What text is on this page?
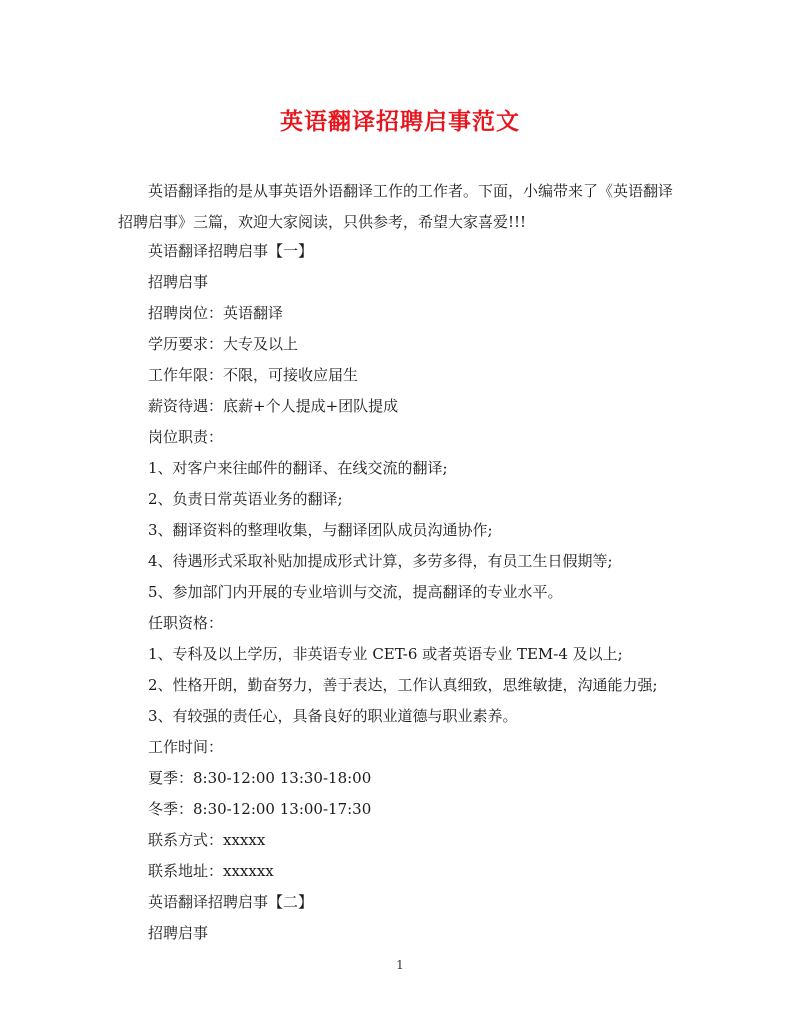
英语翻译招聘启事范文

英语翻译指的是从事英语外语翻译工作的工作者。下面，小编带来了《英语翻译招聘启事》三篇，欢迎大家阅读，只供参考，希望大家喜爱!!!

英语翻译招聘启事【一】
招聘启事
招聘岗位：英语翻译
学历要求：大专及以上
工作年限：不限，可接收应届生
薪资待遇：底薪+个人提成+团队提成
岗位职责：
1、对客户来往邮件的翻译、在线交流的翻译;
2、负责日常英语业务的翻译;
3、翻译资料的整理收集，与翻译团队成员沟通协作;
4、待遇形式采取补贴加提成形式计算，多劳多得，有员工生日假期等;
5、参加部门内开展的专业培训与交流，提高翻译的专业水平。
任职资格：
1、专科及以上学历，非英语专业 CET-6 或者英语专业 TEM-4 及以上;
2、性格开朗，勤奋努力，善于表达，工作认真细致，思维敏捷，沟通能力强;
3、有较强的责任心，具备良好的职业道德与职业素养。
工作时间：
夏季：8:30-12:00 13:30-18:00
冬季：8:30-12:00 13:00-17:30
联系方式：xxxxx
联系地址：xxxxxx
英语翻译招聘启事【二】
招聘启事
1
